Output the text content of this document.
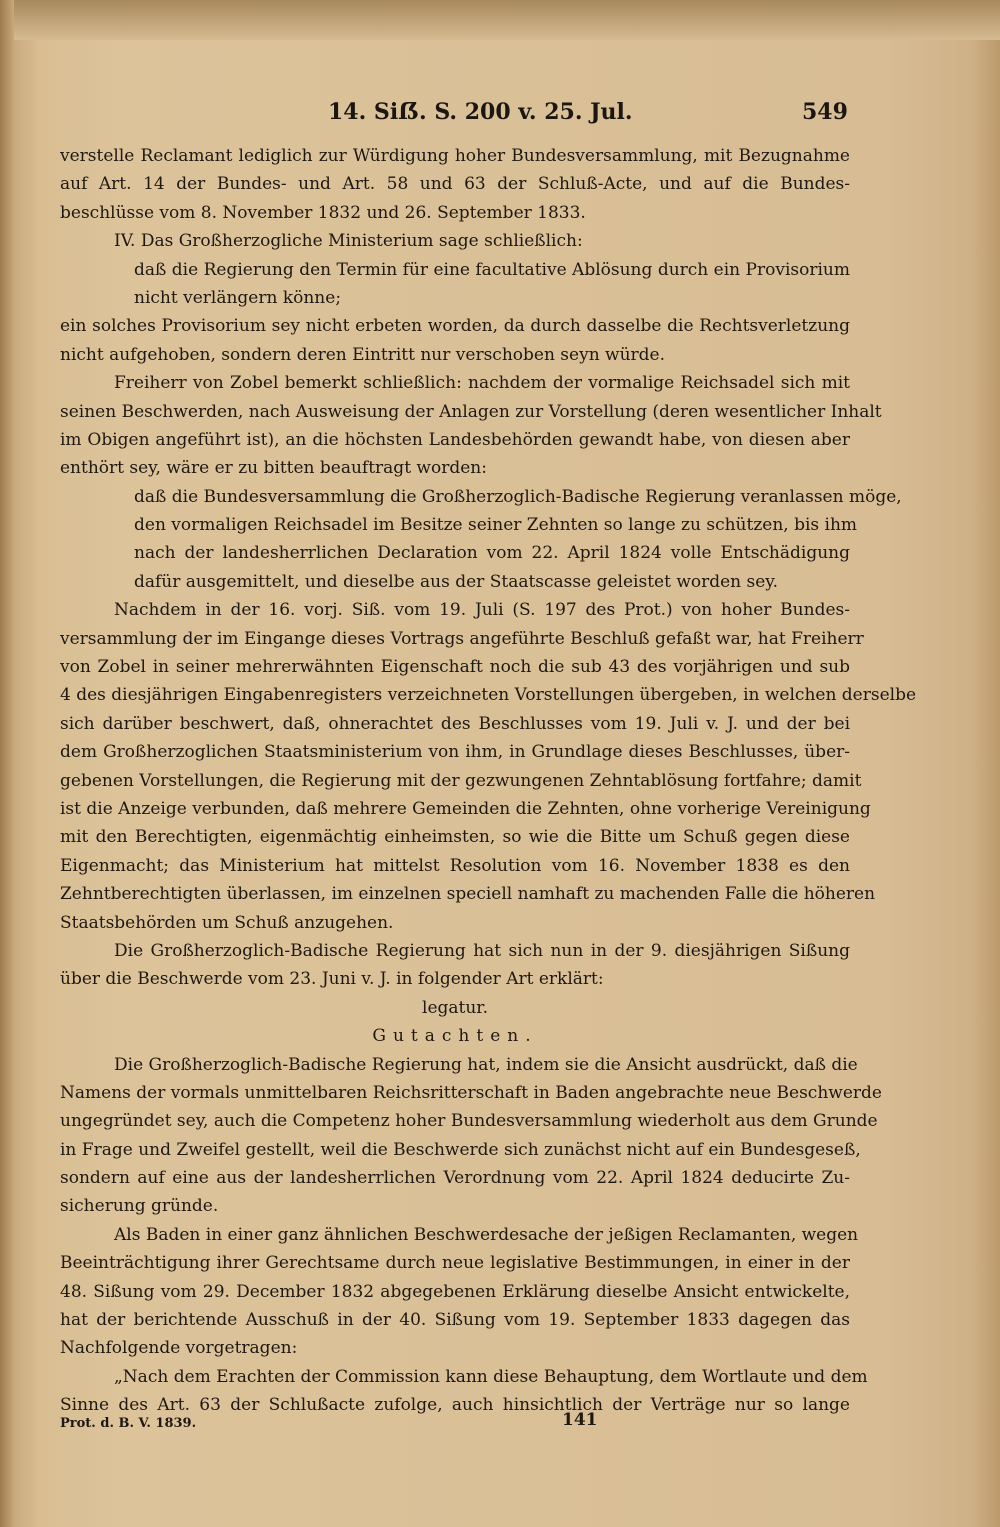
14. Siẞ. S. 200 v. 25. Jul.	549
verstelle Reclamant lediglich zur Würdigung hoher Bundesversammlung, mit Bezugnahme
auf Art. 14 der Bundes- und Art. 58 und 63 der Schluß-Acte, und auf die Bundes-
beschlüsse vom 8. November 1832 und 26. September 1833.
IV. Das Großherzogliche Ministerium sage schließlich:
daß die Regierung den Termin für eine facultative Ablösung durch ein Provisorium
nicht verlängern könne;
ein solches Provisorium sey nicht erbeten worden, da durch dasselbe die Rechtsverletzung
nicht aufgehoben, sondern deren Eintritt nur verschoben seyn würde.
Freiherr von Zobel bemerkt schließlich: nachdem der vormalige Reichsadel sich mit
seinen Beschwerden, nach Ausweisung der Anlagen zur Vorstellung (deren wesentlicher Inhalt
im Obigen angeführt ist), an die höchsten Landesbehörden gewandt habe, von diesen aber
enthört sey, wäre er zu bitten beauftragt worden:
daß die Bundesversammlung die Großherzoglich-Badische Regierung veranlassen möge,
den vormaligen Reichsadel im Besitze seiner Zehnten so lange zu schützen, bis ihm
nach der landesherrlichen Declaration vom 22. April 1824 volle Entschädigung
dafür ausgemittelt, und dieselbe aus der Staatscasse geleistet worden sey.
Nachdem in der 16. vorj. Siß. vom 19. Juli (S. 197 des Prot.) von hoher Bundes-
versammlung der im Eingange dieses Vortrags angeführte Beschluß gefaßt war, hat Freiherr
von Zobel in seiner mehrerwähnten Eigenschaft noch die sub 43 des vorjährigen und sub
4 des diesjährigen Eingabenregisters verzeichneten Vorstellungen übergeben, in welchen derselbe
sich darüber beschwert, daß, ohnerachtet des Beschlusses vom 19. Juli v. J. und der bei
dem Großherzoglichen Staatsministerium von ihm, in Grundlage dieses Beschlusses, über-
gebenen Vorstellungen, die Regierung mit der gezwungenen Zehntablösung fortfahre; damit
ist die Anzeige verbunden, daß mehrere Gemeinden die Zehnten, ohne vorherige Vereinigung
mit den Berechtigten, eigenmächtig einheimsten, so wie die Bitte um Schuß gegen diese
Eigenmacht; das Ministerium hat mittelst Resolution vom 16. November 1838 es den
Zehntberechtigten überlassen, im einzelnen speciell namhaft zu machenden Falle die höheren
Staatsbehörden um Schuß anzugehen.
Die Großherzoglich-Badische Regierung hat sich nun in der 9. diesjährigen Sißung
über die Beschwerde vom 23. Juni v. J. in folgender Art erklärt:
legatur.
Gutachten.
Die Großherzoglich-Badische Regierung hat, indem sie die Ansicht ausdrückt, daß die
Namens der vormals unmittelbaren Reichsritterschaft in Baden angebrachte neue Beschwerde
ungegründet sey, auch die Competenz hoher Bundesversammlung wiederholt aus dem Grunde
in Frage und Zweifel gestellt, weil die Beschwerde sich zunächst nicht auf ein Bundesgeseß,
sondern auf eine aus der landesherrlichen Verordnung vom 22. April 1824 deducirte Zu-
sicherung gründe.
Als Baden in einer ganz ähnlichen Beschwerdesache der jeßigen Reclamanten, wegen
Beeinträchtigung ihrer Gerechtsame durch neue legislative Bestimmungen, in einer in der
48. Sißung vom 29. December 1832 abgegebenen Erklärung dieselbe Ansicht entwickelte,
hat der berichtende Ausschuß in der 40. Sißung vom 19. September 1833 dagegen das
Nachfolgende vorgetragen:
„Nach dem Erachten der Commission kann diese Behauptung, dem Wortlaute und dem
Sinne des Art. 63 der Schlußacte zufolge, auch hinsichtlich der Verträge nur so lange
Prot. d. B. V. 1839.	141
